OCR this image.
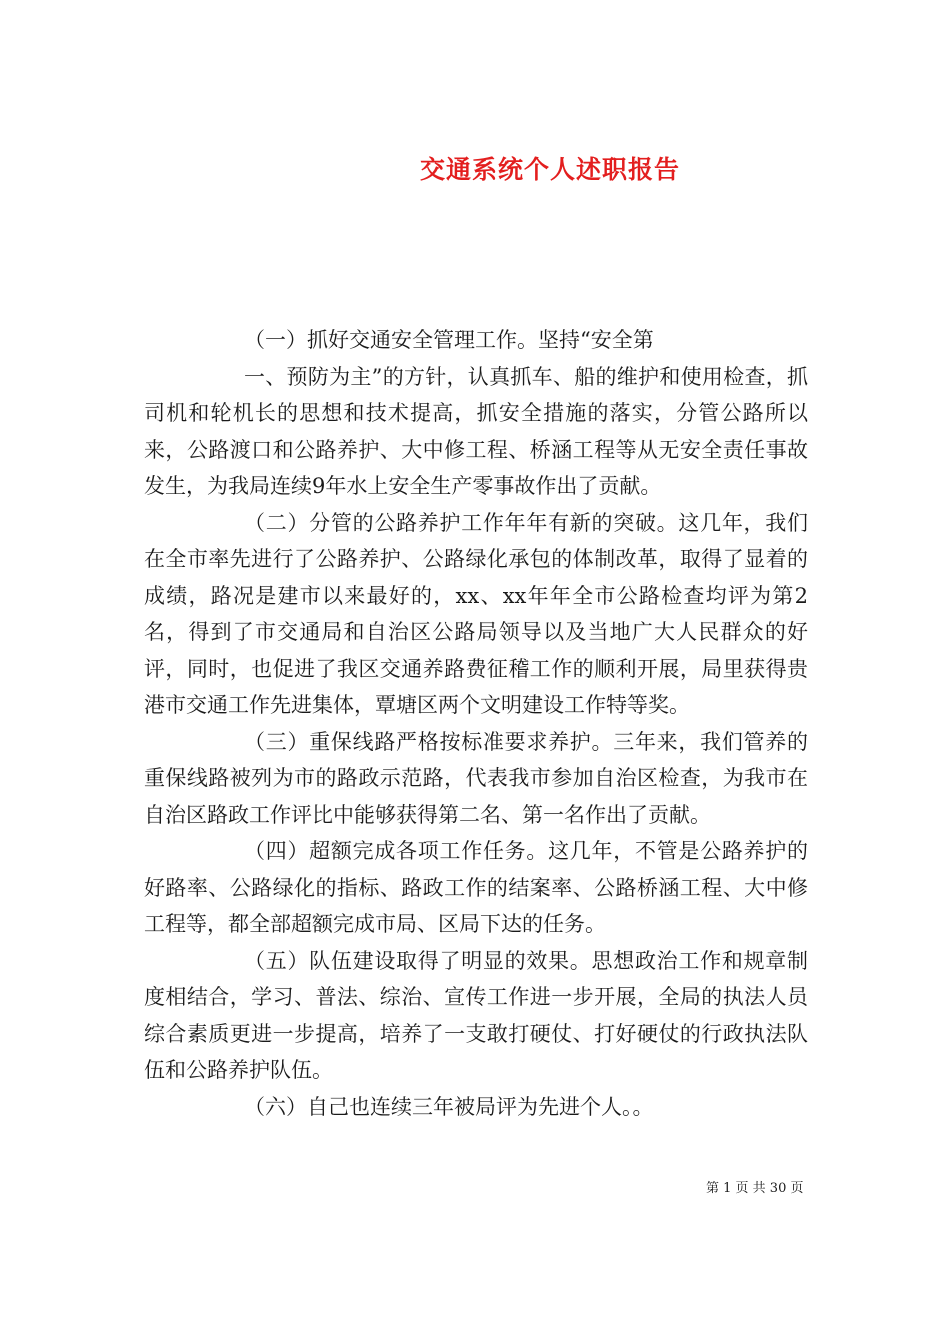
交通系统个人述职报告

（一）抓好交通安全管理工作。坚持“安全第

一、预防为主”的方针，认真抓车、船的维护和使用检查，抓司机和轮机长的思想和技术提高，抓安全措施的落实，分管公路所以来，公路渡口和公路养护、大中修工程、桥涵工程等从无安全责任事故发生，为我局连续9年水上安全生产零事故作出了贡献。

（二）分管的公路养护工作年年有新的突破。这几年，我们在全市率先进行了公路养护、公路绿化承包的体制改革，取得了显着的成绩，路况是建市以来最好的，xx、xx年年全市公路检查均评为第2名，得到了市交通局和自治区公路局领导以及当地广大人民群众的好评，同时，也促进了我区交通养路费征稽工作的顺利开展，局里获得贵港市交通工作先进集体，覃塘区两个文明建设工作特等奖。

（三）重保线路严格按标准要求养护。三年来，我们管养的重保线路被列为市的路政示范路，代表我市参加自治区检查，为我市在自治区路政工作评比中能够获得第二名、第一名作出了贡献。

（四）超额完成各项工作任务。这几年，不管是公路养护的好路率、公路绿化的指标、路政工作的结案率、公路桥涵工程、大中修工程等，都全部超额完成市局、区局下达的任务。

（五）队伍建设取得了明显的效果。思想政治工作和规章制度相结合，学习、普法、综治、宣传工作进一步开展，全局的执法人员综合素质更进一步提高，培养了一支敢打硬仗、打好硬仗的行政执法队伍和公路养护队伍。

（六）自己也连续三年被局评为先进个人。。

第 1 页 共 30 页
